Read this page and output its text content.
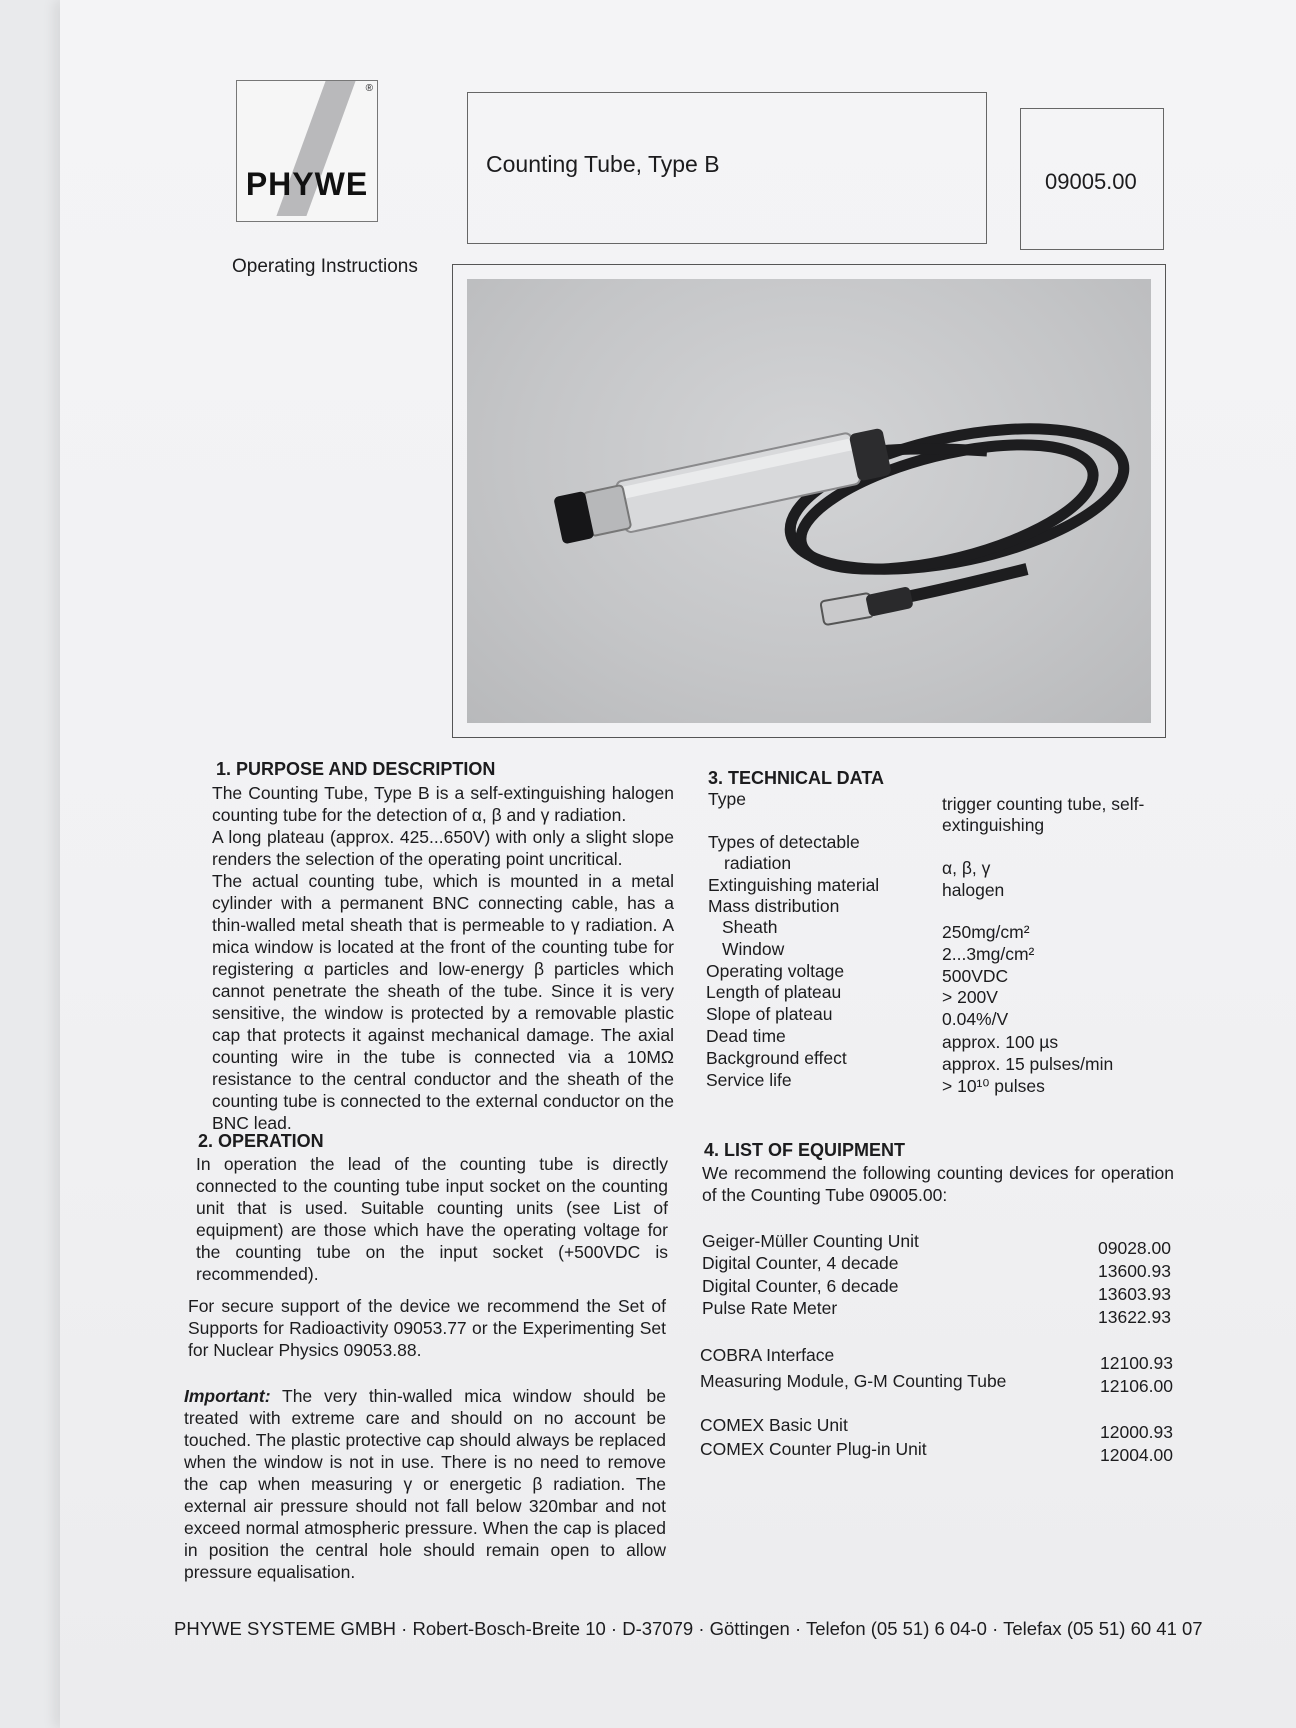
®
PHYWE
Counting Tube, Type B
09005.00
Operating Instructions
1. PURPOSE AND DESCRIPTION
The Counting Tube, Type B is a self-extinguishing halogen counting tube for the detection of α, β and γ radiation.
A long plateau (approx. 425...650V) with only a slight slope renders the selection of the operating point uncritical.
The actual counting tube, which is mounted in a metal cylinder with a permanent BNC connecting cable, has a thin-walled metal sheath that is permeable to γ radiation. A mica window is located at the front of the counting tube for registering α particles and low-energy β particles which cannot penetrate the sheath of the tube. Since it is very sensitive, the window is protected by a removable plastic cap that protects it against mechanical damage. The axial counting wire in the tube is connected via a 10MΩ resistance to the central conductor and the sheath of the counting tube is connected to the external conductor on the BNC lead.
2. OPERATION
In operation the lead of the counting tube is directly connected to the counting tube input socket on the counting unit that is used. Suitable counting units (see List of equipment) are those which have the operating voltage for the counting tube on the input socket (+500VDC is recommended).
For secure support of the device we recommend the Set of Supports for Radioactivity 09053.77 or the Experimenting Set for Nuclear Physics 09053.88.
Important: The very thin-walled mica window should be treated with extreme care and should on no account be touched. The plastic protective cap should always be replaced when the window is not in use. There is no need to remove the cap when measuring γ or energetic β radiation. The external air pressure should not fall below 320mbar and not exceed normal atmospheric pressure. When the cap is placed in position the central hole should remain open to allow pressure equalisation.
3. TECHNICAL DATA
Type	trigger counting tube, self-extinguishing
Types of detectable
radiation	α, β, γ
Extinguishing material	halogen
Mass distribution
Sheath	250mg/cm²
Window	2...3mg/cm²
Operating voltage	500VDC
Length of plateau	> 200V
Slope of plateau	0.04%/V
Dead time	approx. 100 µs
Background effect	approx. 15 pulses/min
Service life	> 10¹⁰ pulses
4. LIST OF EQUIPMENT
We recommend the following counting devices for operation of the Counting Tube 09005.00:
Geiger-Müller Counting Unit	09028.00
Digital Counter, 4 decade	13600.93
Digital Counter, 6 decade	13603.93
Pulse Rate Meter	13622.93
COBRA Interface	12100.93
Measuring Module, G-M Counting Tube	12106.00
COMEX Basic Unit	12000.93
COMEX Counter Plug-in Unit	12004.00
PHYWE SYSTEME GMBH · Robert-Bosch-Breite 10 · D-37079 · Göttingen · Telefon (05 51) 6 04-0 · Telefax (05 51) 60 41 07
